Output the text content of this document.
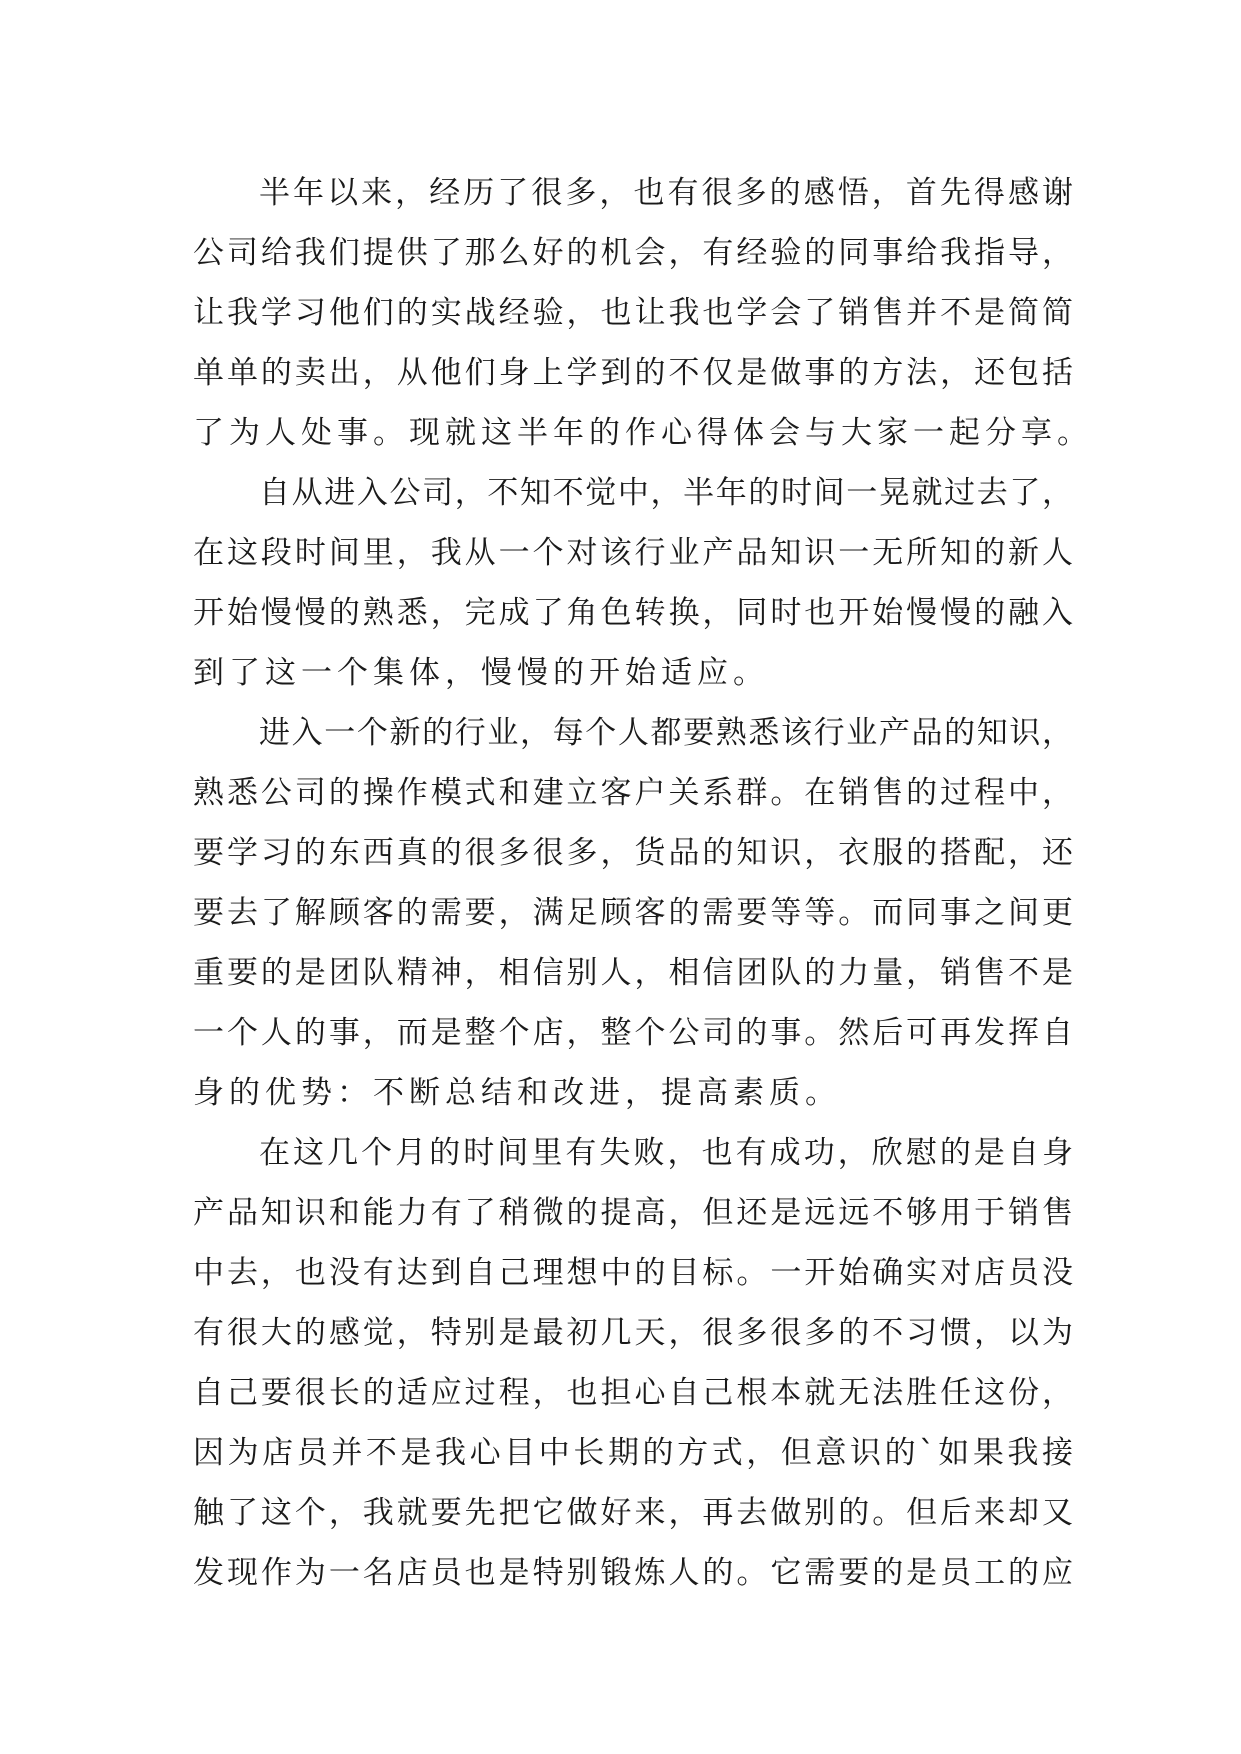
半年以来，经历了很多，也有很多的感悟，首先得感谢
公司给我们提供了那么好的机会，有经验的同事给我指导，
让我学习他们的实战经验，也让我也学会了销售并不是简简
单单的卖出，从他们身上学到的不仅是做事的方法，还包括
了为人处事。现就这半年的作心得体会与大家一起分享。
自从进入公司，不知不觉中，半年的时间一晃就过去了，
在这段时间里，我从一个对该行业产品知识一无所知的新人
开始慢慢的熟悉，完成了角色转换，同时也开始慢慢的融入
到了这一个集体，慢慢的开始适应。
进入一个新的行业，每个人都要熟悉该行业产品的知识，
熟悉公司的操作模式和建立客户关系群。在销售的过程中，
要学习的东西真的很多很多，货品的知识，衣服的搭配，还
要去了解顾客的需要，满足顾客的需要等等。而同事之间更
重要的是团队精神，相信别人，相信团队的力量，销售不是
一个人的事，而是整个店，整个公司的事。然后可再发挥自
身的优势：不断总结和改进，提高素质。
在这几个月的时间里有失败，也有成功，欣慰的是自身
产品知识和能力有了稍微的提高，但还是远远不够用于销售
中去，也没有达到自己理想中的目标。一开始确实对店员没
有很大的感觉，特别是最初几天，很多很多的不习惯，以为
自己要很长的适应过程，也担心自己根本就无法胜任这份，
因为店员并不是我心目中长期的方式，但意识的`如果我接
触了这个，我就要先把它做好来，再去做别的。但后来却又
发现作为一名店员也是特别锻炼人的。它需要的是员工的应
